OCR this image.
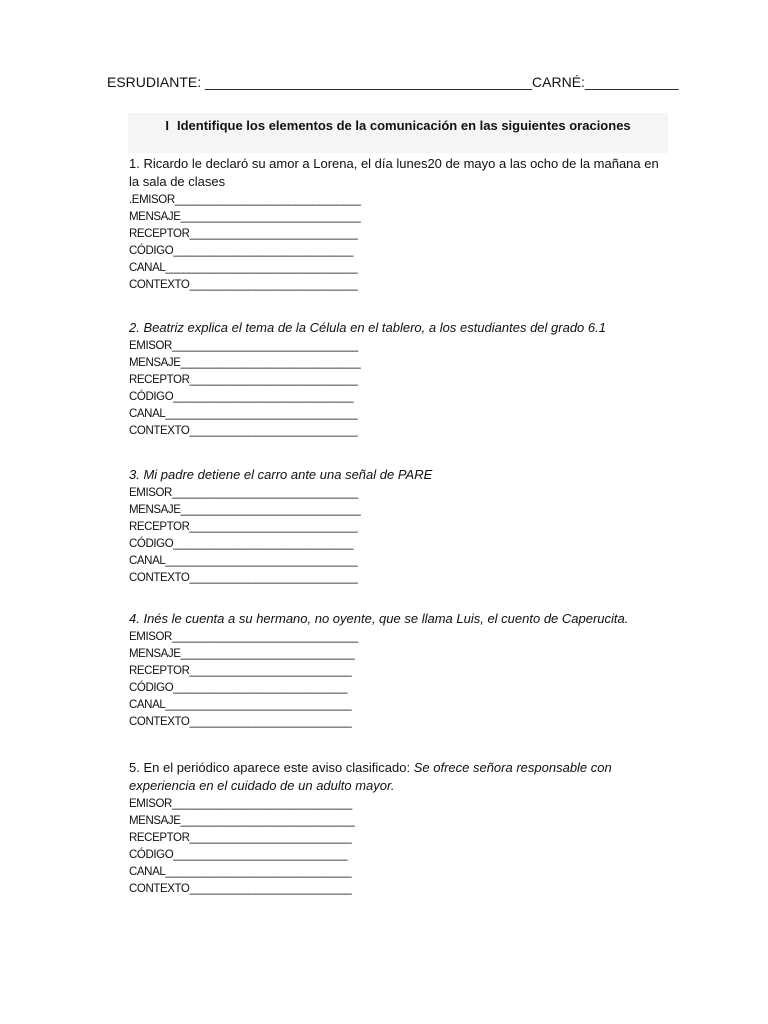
ESRUDIANTE: __________________________________________CARNÉ:____________
I Identifique los elementos de la comunicación en las siguientes oraciones
1. Ricardo le declaró su amor a Lorena, el día lunes20 de mayo a las ocho de la mañana en la sala de clases
.EMISOR_______________________________
MENSAJE______________________________
RECEPTOR____________________________
CÓDIGO______________________________
CANAL________________________________
CONTEXTO____________________________
2. Beatriz explica el tema de la Célula en el tablero, a los estudiantes del grado 6.1
EMISOR_______________________________
MENSAJE______________________________
RECEPTOR____________________________
CÓDIGO______________________________
CANAL________________________________
CONTEXTO____________________________
3. Mi padre detiene el carro ante una señal de PARE
EMISOR_______________________________
MENSAJE______________________________
RECEPTOR____________________________
CÓDIGO______________________________
CANAL________________________________
CONTEXTO____________________________
4. Inés le cuenta a su hermano, no oyente, que se llama Luis, el cuento de Caperucita.
EMISOR_______________________________
MENSAJE_____________________________
RECEPTOR___________________________
CÓDIGO_____________________________
CANAL_______________________________
CONTEXTO___________________________
5. En el periódico aparece este aviso clasificado: Se ofrece señora responsable con experiencia en el cuidado de un adulto mayor.
EMISOR______________________________
MENSAJE_____________________________
RECEPTOR___________________________
CÓDIGO_____________________________
CANAL_______________________________
CONTEXTO___________________________
